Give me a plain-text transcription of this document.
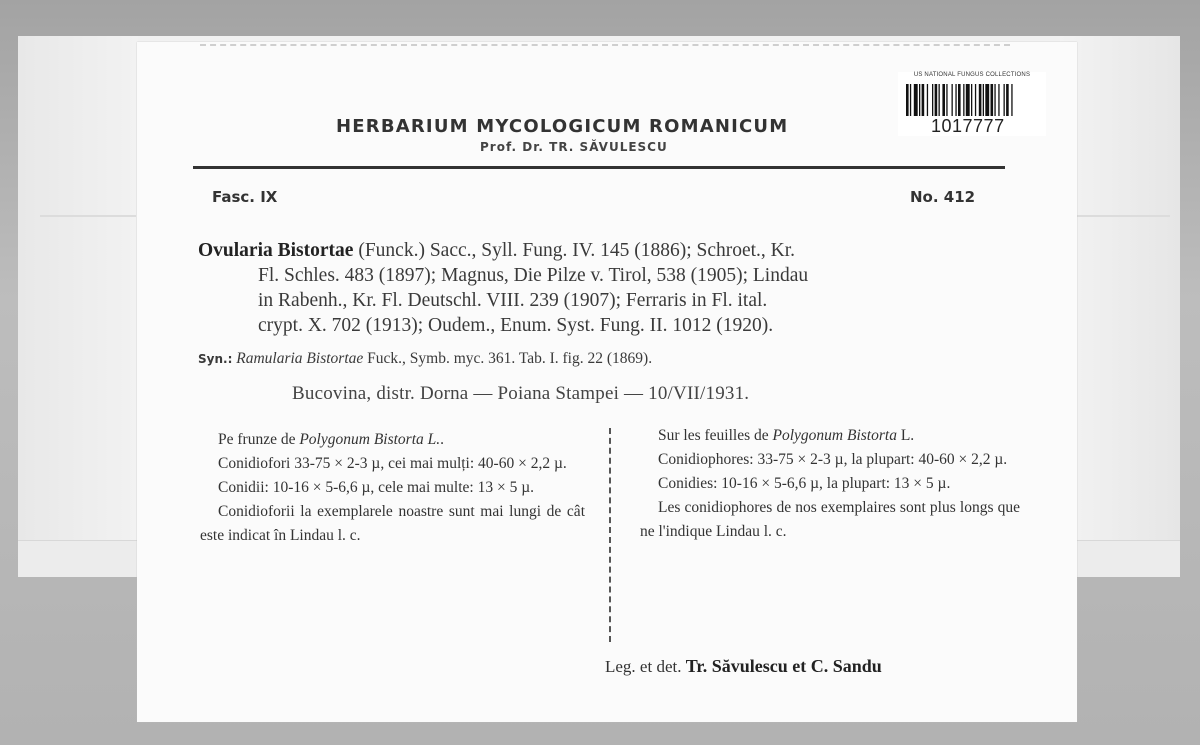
US NATIONAL FUNGUS COLLECTIONS
1017777
HERBARIUM MYCOLOGICUM ROMANICUM
Prof. Dr. TR. SĂVULESCU
Fasc. IX	No. 412
Ovularia Bistortae (Funck.) Sacc., Syll. Fung. IV. 145 (1886); Schroet., Kr.
Fl. Schles. 483 (1897); Magnus, Die Pilze v. Tirol, 538 (1905); Lindau
in Rabenh., Kr. Fl. Deutschl. VIII. 239 (1907); Ferraris in Fl. ital.
crypt. X. 702 (1913); Oudem., Enum. Syst. Fung. II. 1012 (1920).
Syn.: Ramularia Bistortae Fuck., Symb. myc. 361. Tab. I. fig. 22 (1869).
Bucovina, distr. Dorna — Poiana Stampei — 10/VII/1931.

Pe frunze de Polygonum Bistorta L..

Conidiofori 33-75 × 2-3 µ, cei mai mulți: 40-60 × 2,2 µ.

Conidii: 10-16 × 5-6,6 µ, cele mai multe: 13 × 5 µ.

Conidioforii la exemplarele noastre sunt mai lungi de cât este indicat în Lindau l. c.

Sur les feuilles de Polygonum Bistorta L.

Conidiophores: 33-75 × 2-3 µ, la plupart: 40-60 × 2,2 µ.

Conidies: 10-16 × 5-6,6 µ, la plupart: 13 × 5 µ.

Les conidiophores de nos exemplaires sont plus longs que ne l'indique Lindau l. c.

Leg. et det. Tr. Săvulescu et C. Sandu
